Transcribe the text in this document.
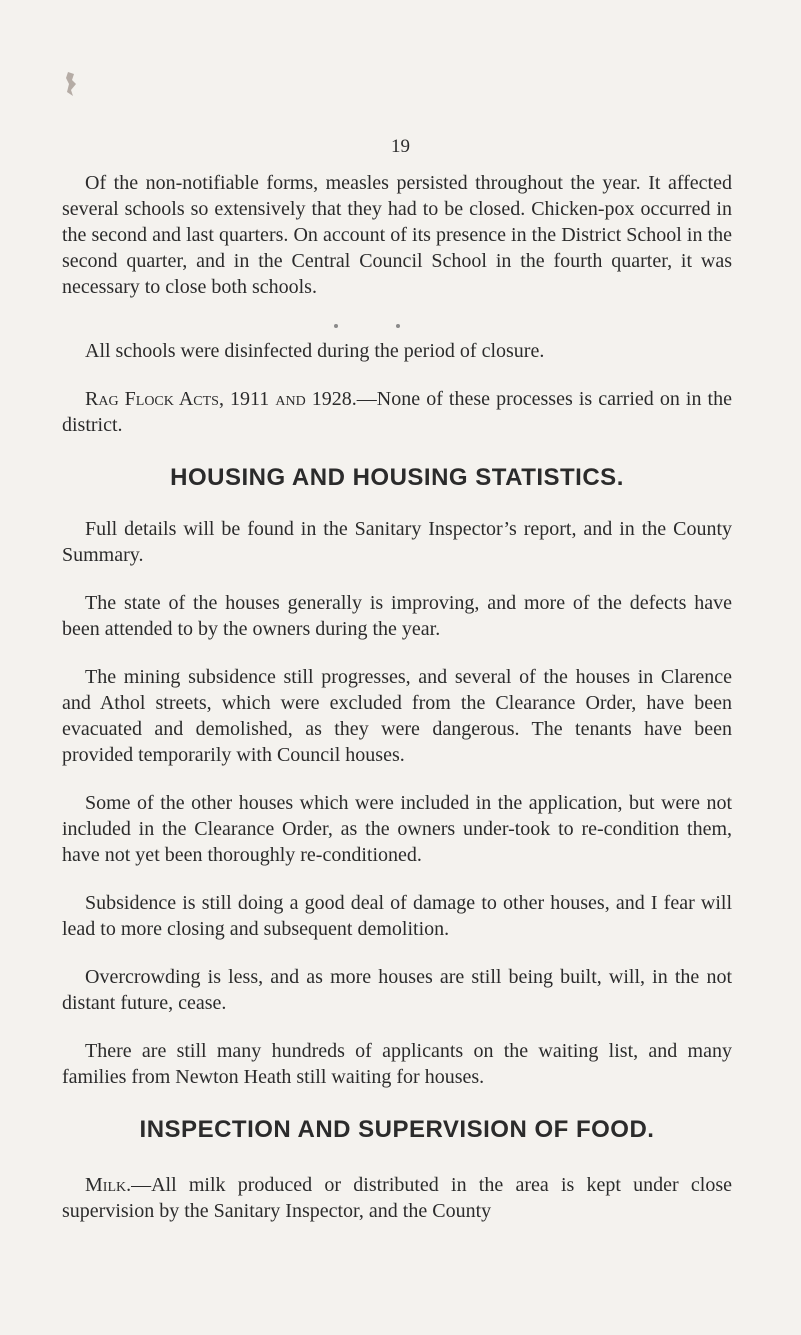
19

Of the non-notifiable forms, measles persisted throughout the year. It affected several schools so extensively that they had to be closed. Chicken-pox occurred in the second and last quarters. On account of its presence in the District School in the second quarter, and in the Central Council School in the fourth quarter, it was necessary to close both schools.

All schools were disinfected during the period of closure.

Rag Flock Acts, 1911 and 1928.—None of these processes is carried on in the district.

HOUSING AND HOUSING STATISTICS.

Full details will be found in the Sanitary Inspector’s report, and in the County Summary.

The state of the houses generally is improving, and more of the defects have been attended to by the owners during the year.

The mining subsidence still progresses, and several of the houses in Clarence and Athol streets, which were excluded from the Clearance Order, have been evacuated and demolished, as they were dangerous. The tenants have been provided temporarily with Council houses.

Some of the other houses which were included in the application, but were not included in the Clearance Order, as the owners under-took to re-condition them, have not yet been thoroughly re-conditioned.

Subsidence is still doing a good deal of damage to other houses, and I fear will lead to more closing and subsequent demolition.

Overcrowding is less, and as more houses are still being built, will, in the not distant future, cease.

There are still many hundreds of applicants on the waiting list, and many families from Newton Heath still waiting for houses.

INSPECTION AND SUPERVISION OF FOOD.

Milk.—All milk produced or distributed in the area is kept under close supervision by the Sanitary Inspector, and the County
